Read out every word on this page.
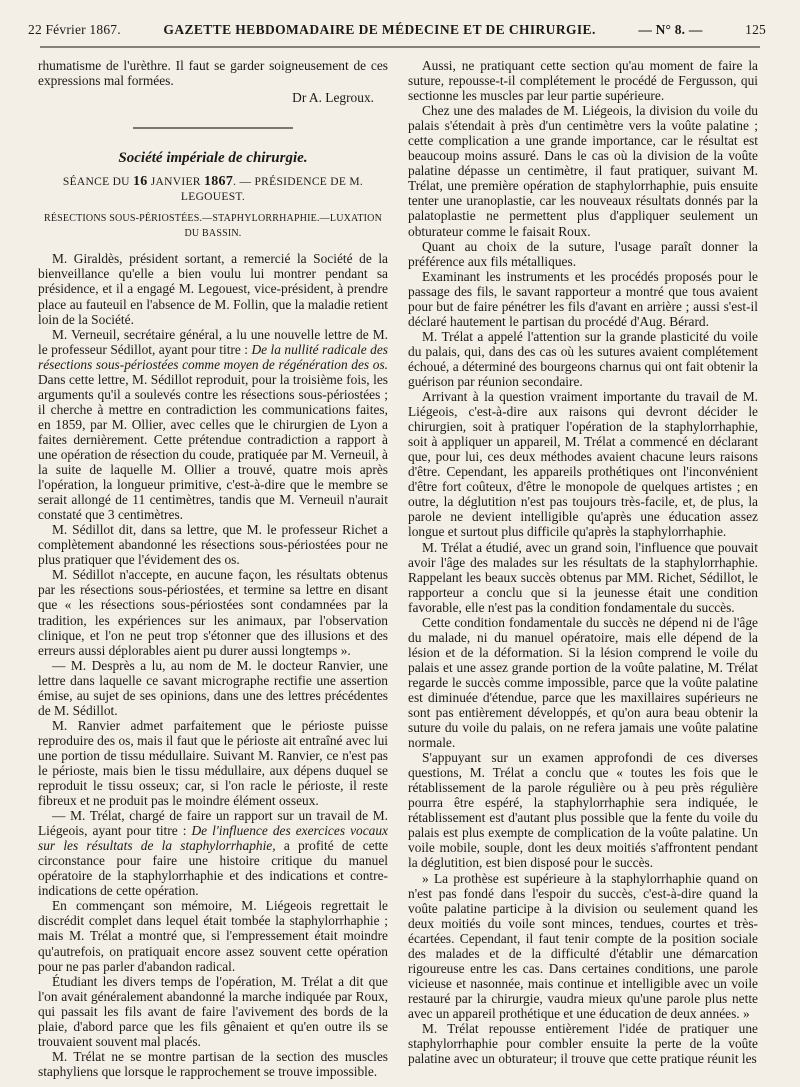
22 Février 1867.	GAZETTE HEBDOMADAIRE DE MÉDECINE ET DE CHIRURGIE.	— N° 8. —	125

rhumatisme de l'urèthre. Il faut se garder soigneusement de ces expressions mal formées.

Dr A. Legroux.
Société impériale de chirurgie.
SÉANCE DU 16 JANVIER 1867. — PRÉSIDENCE DE M. LEGOUEST.
RÉSECTIONS SOUS-PÉRIOSTÉES.—STAPHYLORRHAPHIE.—LUXATION DU BASSIN.

M. Giraldès, président sortant, a remercié la Société de la bienveillance qu'elle a bien voulu lui montrer pendant sa présidence, et il a engagé M. Legouest, vice-président, à prendre place au fauteuil en l'absence de M. Follin, que la maladie retient loin de la Société.

M. Verneuil, secrétaire général, a lu une nouvelle lettre de M. le professeur Sédillot, ayant pour titre : De la nullité radicale des résections sous-périostées comme moyen de régénération des os. Dans cette lettre, M. Sédillot reproduit, pour la troisième fois, les arguments qu'il a soulevés contre les résections sous-périostées ; il cherche à mettre en contradiction les communications faites, en 1859, par M. Ollier, avec celles que le chirurgien de Lyon a faites dernièrement. Cette prétendue contradiction a rapport à une opération de résection du coude, pratiquée par M. Verneuil, à la suite de laquelle M. Ollier a trouvé, quatre mois après l'opération, la longueur primitive, c'est-à-dire que le membre se serait allongé de 11 centimètres, tandis que M. Verneuil n'aurait constaté que 3 centimètres.

M. Sédillot dit, dans sa lettre, que M. le professeur Richet a complètement abandonné les résections sous-périostées pour ne plus pratiquer que l'évidement des os.

M. Sédillot n'accepte, en aucune façon, les résultats obtenus par les résections sous-périostées, et termine sa lettre en disant que « les résections sous-périostées sont condamnées par la tradition, les expériences sur les animaux, par l'observation clinique, et l'on ne peut trop s'étonner que des illusions et des erreurs aussi déplorables aient pu durer aussi longtemps ».

— M. Desprès a lu, au nom de M. le docteur Ranvier, une lettre dans laquelle ce savant micrographe rectifie une assertion émise, au sujet de ses opinions, dans une des lettres précédentes de M. Sédillot.

M. Ranvier admet parfaitement que le périoste puisse reproduire des os, mais il faut que le périoste ait entraîné avec lui une portion de tissu médullaire. Suivant M. Ranvier, ce n'est pas le périoste, mais bien le tissu médullaire, aux dépens duquel se reproduit le tissu osseux; car, si l'on racle le périoste, il reste fibreux et ne produit pas le moindre élément osseux.

— M. Trélat, chargé de faire un rapport sur un travail de M. Liégeois, ayant pour titre : De l'influence des exercices vocaux sur les résultats de la staphylorrhaphie, a profité de cette circonstance pour faire une histoire critique du manuel opératoire de la staphylorrhaphie et des indications et contre-indications de cette opération.

En commençant son mémoire, M. Liégeois regrettait le discrédit complet dans lequel était tombée la staphylorrhaphie ; mais M. Trélat a montré que, si l'empressement était moindre qu'autrefois, on pratiquait encore assez souvent cette opération pour ne pas parler d'abandon radical.

Étudiant les divers temps de l'opération, M. Trélat a dit que l'on avait généralement abandonné la marche indiquée par Roux, qui passait les fils avant de faire l'avivement des bords de la plaie, d'abord parce que les fils gênaient et qu'en outre ils se trouvaient souvent mal placés.

M. Trélat ne se montre partisan de la section des muscles staphyliens que lorsque le rapprochement se trouve impossible.

Aussi, ne pratiquant cette section qu'au moment de faire la suture, repousse-t-il complétement le procédé de Fergusson, qui sectionne les muscles par leur partie supérieure.

Chez une des malades de M. Liégeois, la division du voile du palais s'étendait à près d'un centimètre vers la voûte palatine ; cette complication a une grande importance, car le résultat est beaucoup moins assuré. Dans le cas où la division de la voûte palatine dépasse un centimètre, il faut pratiquer, suivant M. Trélat, une première opération de staphylorrhaphie, puis ensuite tenter une uranoplastie, car les nouveaux résultats donnés par la palatoplastie ne permettent plus d'appliquer seulement un obturateur comme le faisait Roux.

Quant au choix de la suture, l'usage paraît donner la préférence aux fils métalliques.

Examinant les instruments et les procédés proposés pour le passage des fils, le savant rapporteur a montré que tous avaient pour but de faire pénétrer les fils d'avant en arrière ; aussi s'est-il déclaré hautement le partisan du procédé d'Aug. Bérard.

M. Trélat a appelé l'attention sur la grande plasticité du voile du palais, qui, dans des cas où les sutures avaient complétement échoué, a déterminé des bourgeons charnus qui ont fait obtenir la guérison par réunion secondaire.

Arrivant à la question vraiment importante du travail de M. Liégeois, c'est-à-dire aux raisons qui devront décider le chirurgien, soit à pratiquer l'opération de la staphylorrhaphie, soit à appliquer un appareil, M. Trélat a commencé en déclarant que, pour lui, ces deux méthodes avaient chacune leurs raisons d'être. Cependant, les appareils prothétiques ont l'inconvénient d'être fort coûteux, d'être le monopole de quelques artistes ; en outre, la déglutition n'est pas toujours très-facile, et, de plus, la parole ne devient intelligible qu'après une éducation assez longue et surtout plus difficile qu'après la staphylorrhaphie.

M. Trélat a étudié, avec un grand soin, l'influence que pouvait avoir l'âge des malades sur les résultats de la staphylorrhaphie. Rappelant les beaux succès obtenus par MM. Richet, Sédillot, le rapporteur a conclu que si la jeunesse était une condition favorable, elle n'est pas la condition fondamentale du succès.

Cette condition fondamentale du succès ne dépend ni de l'âge du malade, ni du manuel opératoire, mais elle dépend de la lésion et de la déformation. Si la lésion comprend le voile du palais et une assez grande portion de la voûte palatine, M. Trélat regarde le succès comme impossible, parce que la voûte palatine est diminuée d'étendue, parce que les maxillaires supérieurs ne sont pas entièrement développés, et qu'on aura beau obtenir la suture du voile du palais, on ne refera jamais une voûte palatine normale.

S'appuyant sur un examen approfondi de ces diverses questions, M. Trélat a conclu que « toutes les fois que le rétablissement de la parole régulière ou à peu près régulière pourra être espéré, la staphylorrhaphie sera indiquée, le rétablissement est d'autant plus possible que la fente du voile du palais est plus exempte de complication de la voûte palatine. Un voile mobile, souple, dont les deux moitiés s'affrontent pendant la déglutition, est bien disposé pour le succès.

» La prothèse est supérieure à la staphylorrhaphie quand on n'est pas fondé dans l'espoir du succès, c'est-à-dire quand la voûte palatine participe à la division ou seulement quand les deux moitiés du voile sont minces, tendues, courtes et très-écartées. Cependant, il faut tenir compte de la position sociale des malades et de la difficulté d'établir une démarcation rigoureuse entre les cas. Dans certaines conditions, une parole vicieuse et nasonnée, mais continue et intelligible avec un voile restauré par la chirurgie, vaudra mieux qu'une parole plus nette avec un appareil prothétique et une éducation de deux années. »

M. Trélat repousse entièrement l'idée de pratiquer une staphylorrhaphie pour combler ensuite la perte de la voûte palatine avec un obturateur; il trouve que cette pratique réunit les
